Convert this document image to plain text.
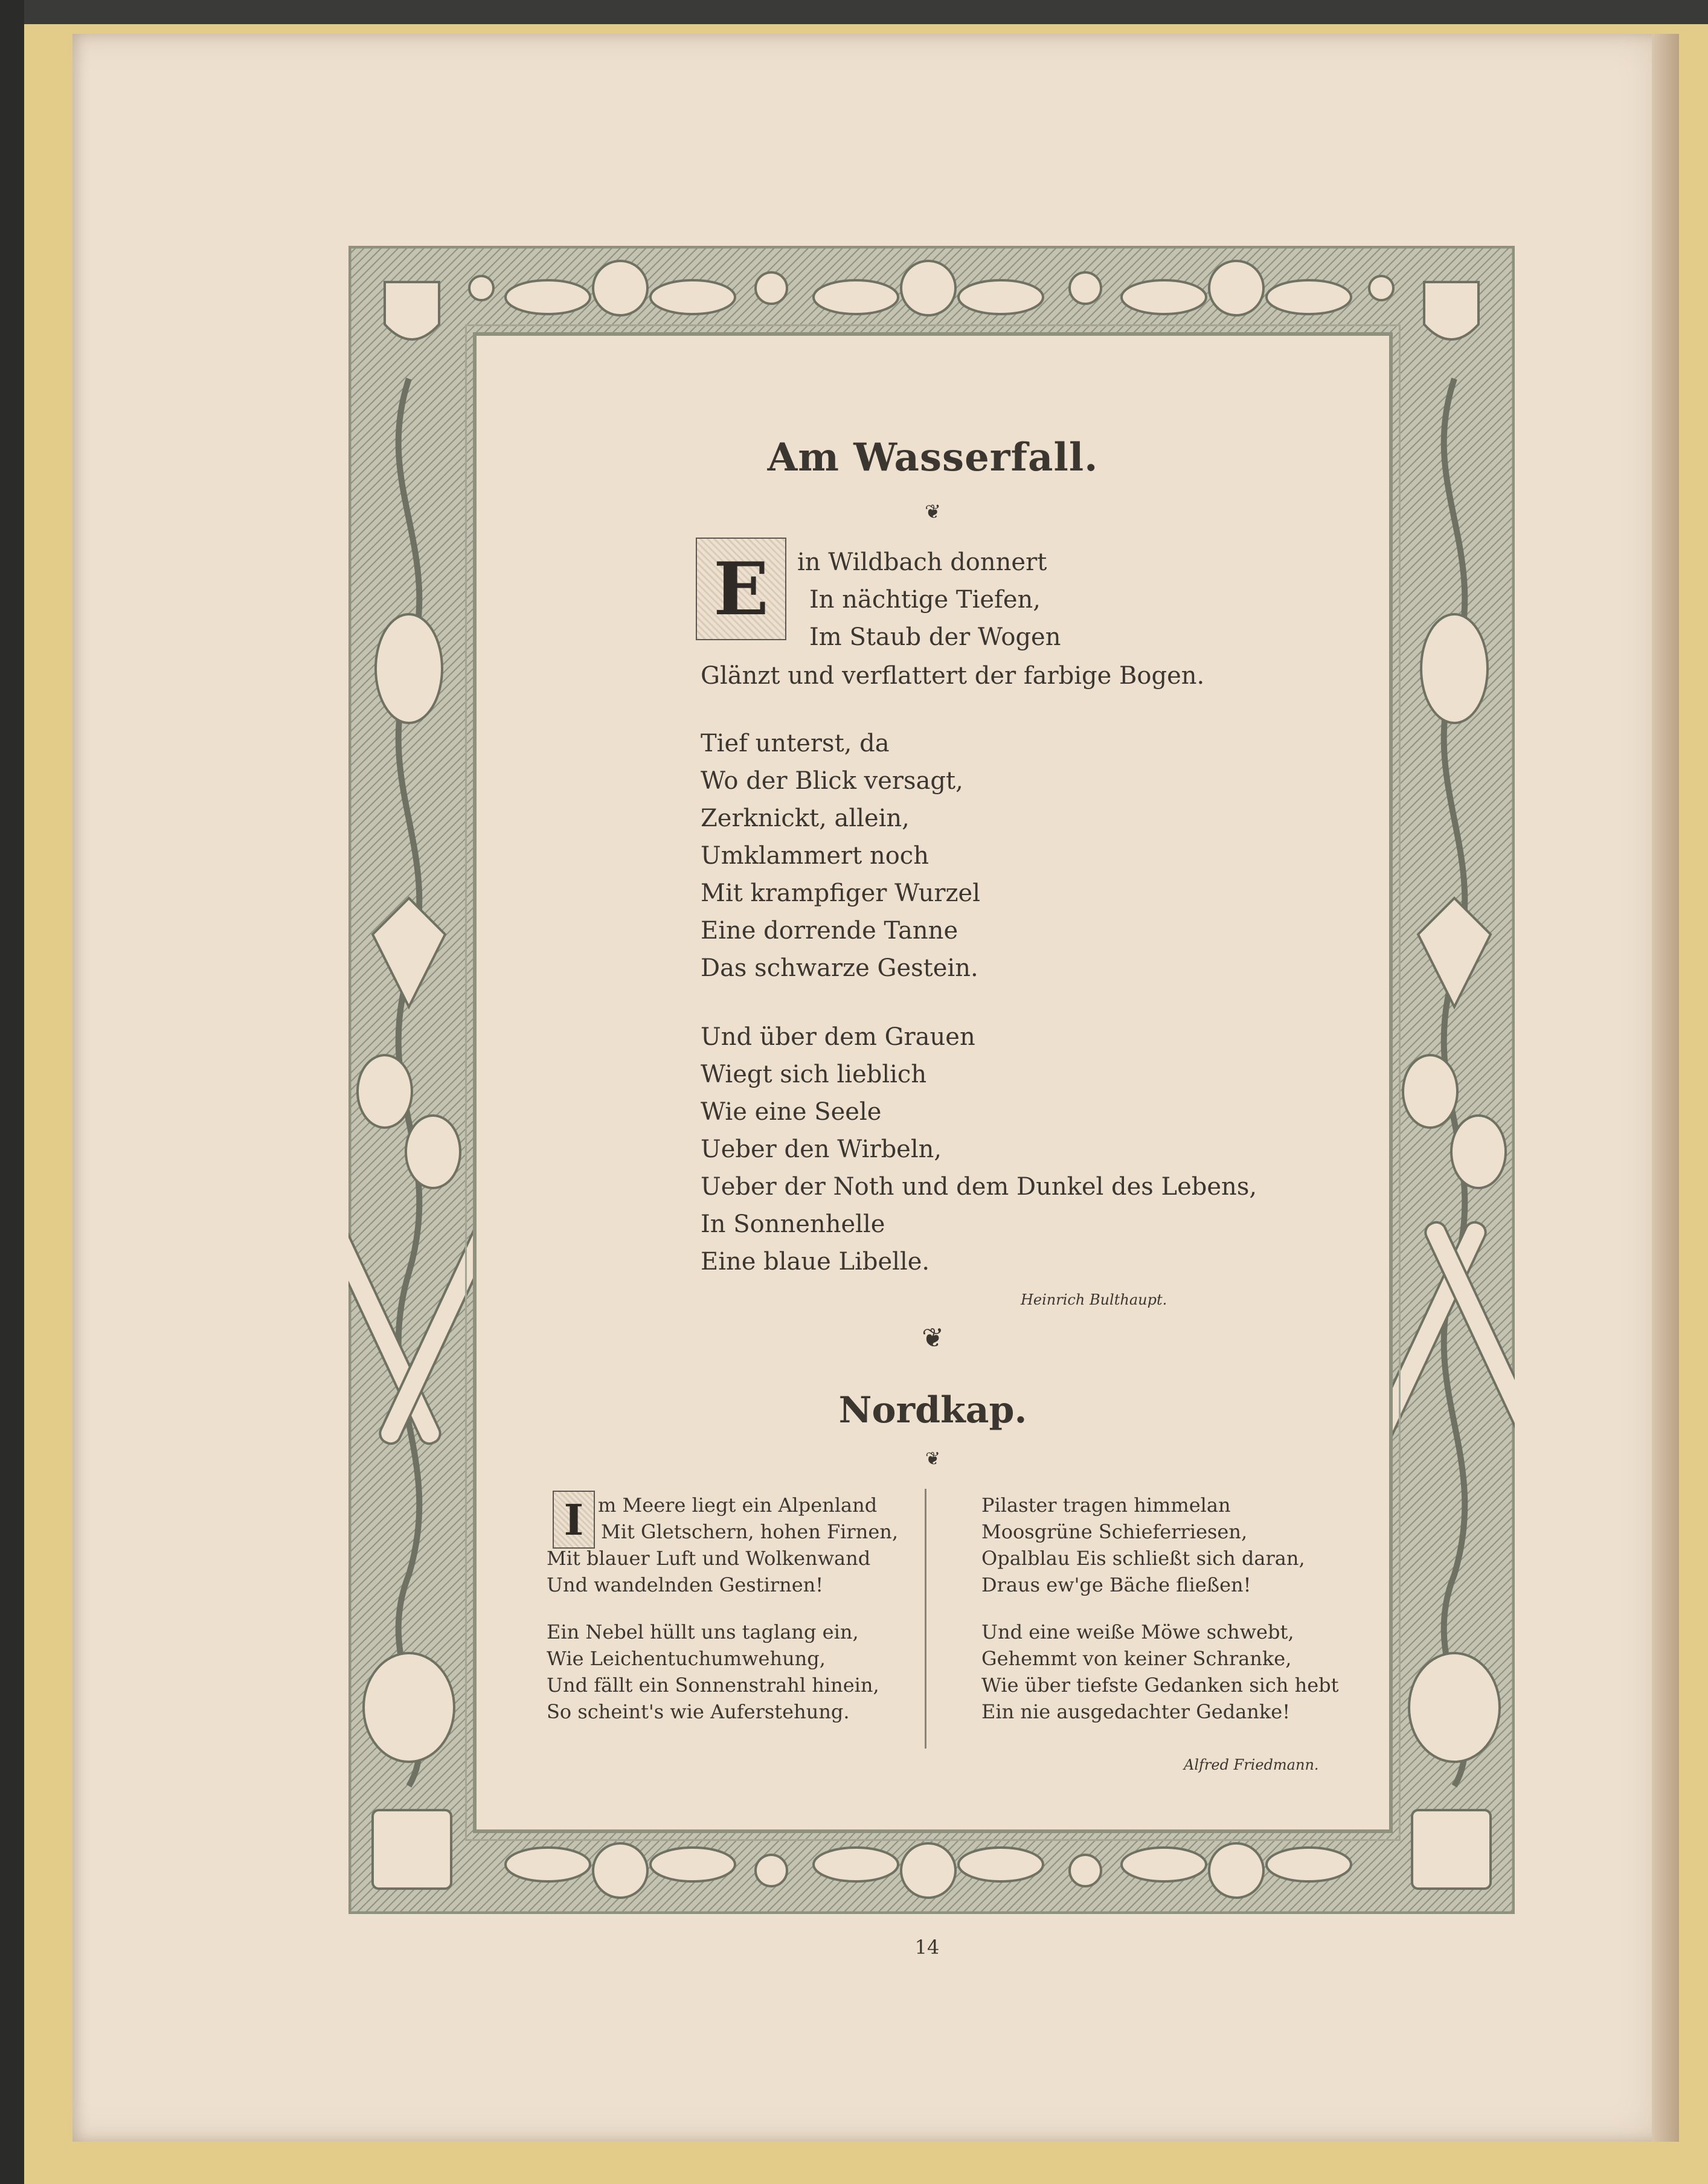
Am Wasserfall.
❦
E	in Wildbach donnert

In nächtige Tiefen,
Im Staub der Wogen

Glänzt und verflattert der farbige Bogen.

Tief unterst, da
Wo der Blick versagt,
Zerknickt, allein,
Umklammert noch
Mit krampfiger Wurzel
Eine dorrende Tanne
Das schwarze Gestein.

Und über dem Grauen
Wiegt sich lieblich
Wie eine Seele
Ueber den Wirbeln,
Ueber der Noth und dem Dunkel des Lebens,
In Sonnenhelle
Eine blaue Libelle.

Heinrich Bulthaupt.
❦
Nordkap.
❦
I m Meere liegt ein Alpenland

Mit Gletschern, hohen Firnen,

Mit blauer Luft und Wolkenwand
Und wandelnden Gestirnen!

Ein Nebel hüllt uns taglang ein,
Wie Leichentuchumwehung,
Und fällt ein Sonnenstrahl hinein,
So scheint's wie Auferstehung.

Pilaster tragen himmelan
Moosgrüne Schieferriesen,
Opalblau Eis schließt sich daran,
Draus ew'ge Bäche fließen!

Und eine weiße Möwe schwebt,
Gehemmt von keiner Schranke,
Wie über tiefste Gedanken sich hebt
Ein nie ausgedachter Gedanke!

Alfred Friedmann.
14
